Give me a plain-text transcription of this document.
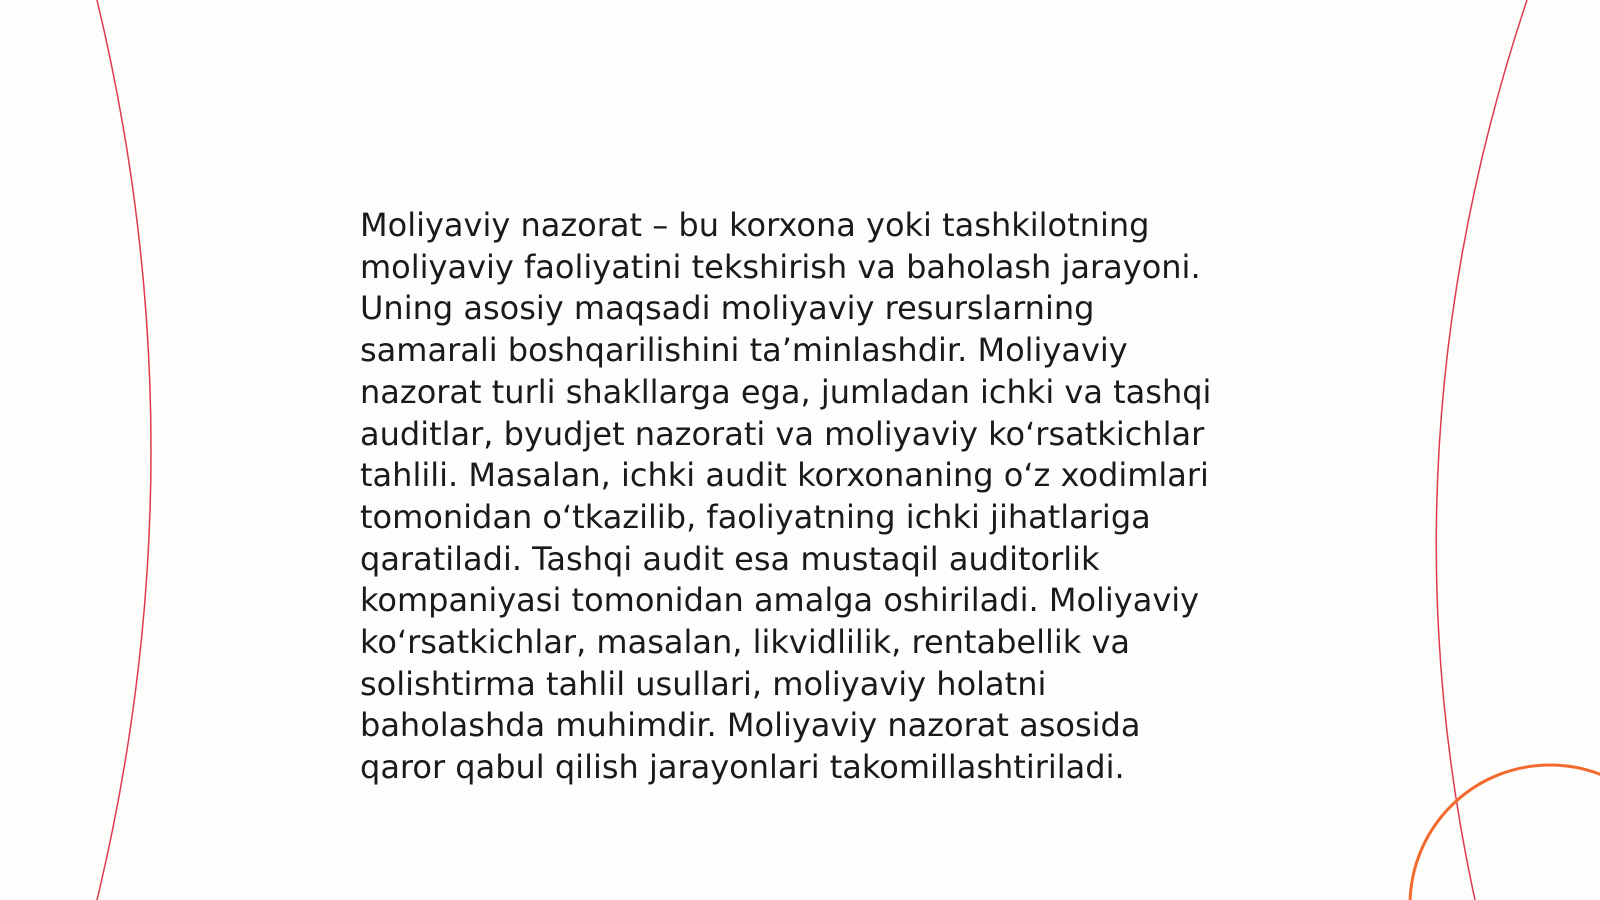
Moliyaviy nazorat – bu korxona yoki tashkilotning
moliyaviy faoliyatini tekshirish va baholash jarayoni.
Uning asosiy maqsadi moliyaviy resurslarning
samarali boshqarilishini ta’minlashdir. Moliyaviy
nazorat turli shakllarga ega, jumladan ichki va tashqi
auditlar, byudjet nazorati va moliyaviy koʻrsatkichlar
tahlili. Masalan, ichki audit korxonaning oʻz xodimlari
tomonidan oʻtkazilib, faoliyatning ichki jihatlariga
qaratiladi. Tashqi audit esa mustaqil auditorlik
kompaniyasi tomonidan amalga oshiriladi. Moliyaviy
koʻrsatkichlar, masalan, likvidlilik, rentabellik va
solishtirma tahlil usullari, moliyaviy holatni
baholashda muhimdir. Moliyaviy nazorat asosida
qaror qabul qilish jarayonlari takomillashtiriladi.
